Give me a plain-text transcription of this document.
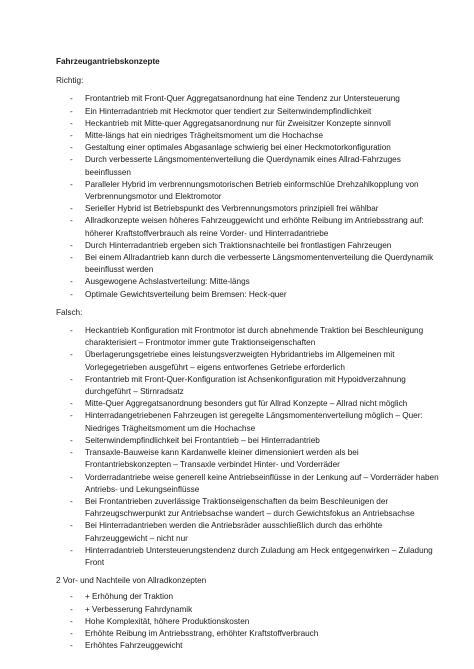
Fahrzeugantriebskonzepte
Richtig:
- Frontantrieb mit Front-Quer Aggregatsanordnung hat eine Tendenz zur Untersteuerung
- Ein Hinterradantrieb mit Heckmotor quer tendiert zur Seitenwindempfindlichkeit
- Heckantrieb mit Mitte-quer Aggregatsanordnung nur für Zweisitzer Konzepte sinnvoll
- Mitte-längs hat ein niedriges Trägheitsmoment um die Hochachse
- Gestaltung einer optimales Abgasanlage schwierig bei einer Heckmotorkonfiguration
- Durch verbesserte Längsmomentenverteilung die Querdynamik eines Allrad-Fahrzuges beeinflussen
- Paralleler Hybrid im verbrennungsmotorischen Betrieb einformschlüe Drehzahlkopplung von Verbrennungsmotor und Elektromotor
- Serieller Hybrid ist Betriebspunkt des Verbrennungsmotors prinzipiell frei wählbar
- Allradkonzepte weisen höheres Fahrzeuggewicht und erhöhte Reibung im Antriebsstrang auf: höherer Kraftstoffverbrauch als reine Vorder- und Hinterradantriebe
- Durch Hinterradantrieb ergeben sich Traktionsnachteile bei frontlastigen Fahrzeugen
- Bei einem Allradantrieb kann durch die verbesserte Längsmomentenverteilung die Querdynamik beeinflusst werden
- Ausgewogene Achslastverteilung: Mitte-längs
- Optimale Gewichtsverteilung beim Bremsen: Heck-quer
Falsch:
- Heckantrieb Konfiguration mit Frontmotor ist durch abnehmende Traktion bei Beschleunigung charakterisiert – Frontmotor immer gute Traktionseigenschaften
- Überlagerungsgetriebe eines leistungsverzweigten Hybridantriebs im Allgemeinen mit Vorlegegetrieben ausgeführt – eigens entworfenes Getriebe erforderlich
- Frontantrieb mit Front-Quer-Konfiguration ist Achsenkonfiguration mit Hypoidverzahnung durchgeführt – Stirnradsatz
- Mitte-Quer Aggregatsanordnung besonders gut für Allrad Konzepte – Allrad nicht möglich
- Hinterradangetriebenen Fahrzeugen ist geregelte Längsmomentenverteilung möglich – Quer: Niedriges Trägheitsmoment um die Hochachse
- Seitenwindempfindlichkeit bei Frontantrieb – bei Hinterradantrieb
- Transaxle-Bauweise kann Kardanwelle kleiner dimensioniert werden als bei Frontantriebskonzepten – Transaxle verbindet Hinter- und Vorderräder
- Vorderradantriebe weise generell keine Antriebseinflüsse in der Lenkung auf – Vorderräder haben Antriebs- und Lekungseinflüsse
- Bei Frontantrieben zuverlässige Traktionseigenschaften da beim Beschleunigen der Fahrzeugschwerpunkt zur Antriebsachse wandert – durch Gewichtsfokus an Antriebsachse
- Bei Hinterradantrieben werden die Antriebsräder ausschließlich durch das erhöhte Fahrzeuggewicht – nicht nur
- Hinterradantrieb Untersteuerungstendenz durch Zuladung am Heck entgegenwirken – Zuladung Front
2 Vor- und Nachteile von Allradkonzepten
- + Erhöhung der Traktion
- + Verbesserung Fahrdynamik
- Hohe Komplexität, höhere Produktionskosten
- Erhöhte Reibung im Antriebsstrang, erhöhter Kraftstoffverbrauch
- Erhöhtes Fahrzeuggewicht
